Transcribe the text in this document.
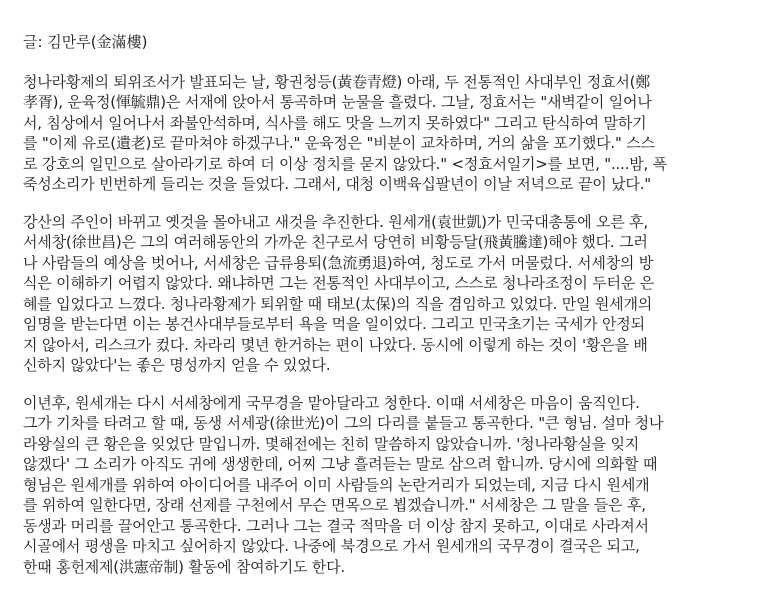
글: 김만루(金滿樓)
청나라황제의 퇴위조서가 발표되는 날, 황권청등(黃卷青燈) 아래, 두 전통적인 사대부인 정효서(鄭
孝胥), 운육정(惲毓鼎)은 서재에 앉아서 통곡하며 눈물을 흘렸다. 그날, 정효서는 "새벽같이 일어나
서, 침상에서 일어나서 좌불안석하며, 식사를 해도 맛을 느끼지 못하였다" 그리고 탄식하여 말하기
를 "이제 유로(遺老)로 끝마쳐야 하겠구나." 운육정은 "비분이 교차하며, 거의 삶을 포기했다." 스스
로 강호의 일민으로 살아라기로 하여 더 이상 정치를 묻지 않았다." <정효서일기>를 보면, "....밤, 폭
죽성소리가 빈번하게 들리는 것을 들었다. 그래서, 대청 이백육십팔년이 이날 저녁으로 끝이 났다."
강산의 주인이 바뀌고 옛것을 몰아내고 새것을 추진한다. 원세개(袁世凱)가 민국대총통에 오른 후,
서세창(徐世昌)은 그의 여러해동안의 가까운 친구로서 당연히 비황등달(飛黃騰達)해야 했다. 그러
나 사람들의 예상을 벗어나, 서세창은 급류용퇴(急流勇退)하여, 청도로 가서 머물렀다. 서세창의 방
식은 이해하기 어렵지 않았다. 왜냐하면 그는 전통적인 사대부이고, 스스로 청나라조정이 두터운 은
혜를 입었다고 느꼈다. 청나라황제가 퇴위할 때 태보(太保)의 직을 겸임하고 있었다. 만일 원세개의
임명을 받는다면 이는 봉건사대부들로부터 욕을 먹을 일이었다. 그리고 민국초기는 국세가 안정되
지 않아서, 리스크가 컸다. 차라리 몇년 한거하는 편이 나았다. 동시에 이렇게 하는 것이 '황은을 배
신하지 않았다'는 좋은 명성까지 얻을 수 있었다.
이년후, 원세개는 다시 서세창에게 국무경을 맡아달라고 청한다. 이때 서세창은 마음이 움직인다.
그가 기차를 타려고 할 때, 동생 서세광(徐世光)이 그의 다리를 붙들고 통곡한다. "큰 형님. 설마 청나
라왕실의 큰 황은을 잊었단 말입니까. 몇해전에는 친히 말씀하지 않았습니까. '청나라황실을 잊지
않겠다' 그 소리가 아직도 귀에 생생한데, 어찌 그냥 흘려듣는 말로 삼으려 합니까. 당시에 의화할 때
형님은 원세개를 위하여 아이디어를 내주어 이미 사람들의 논란거리가 되었는데, 지금 다시 원세개
를 위하여 일한다면, 장래 선제를 구천에서 무슨 면목으로 뵙겠습니까." 서세창은 그 말을 들은 후,
동생과 머리를 끌어안고 통곡한다. 그러나 그는 결국 적막을 더 이상 참지 못하고, 이대로 사라져서
시골에서 평생을 마치고 싶어하지 않았다. 나중에 북경으로 가서 원세개의 국무경이 결국은 되고,
한때 홍헌제제(洪憲帝制) 활동에 참여하기도 한다.
